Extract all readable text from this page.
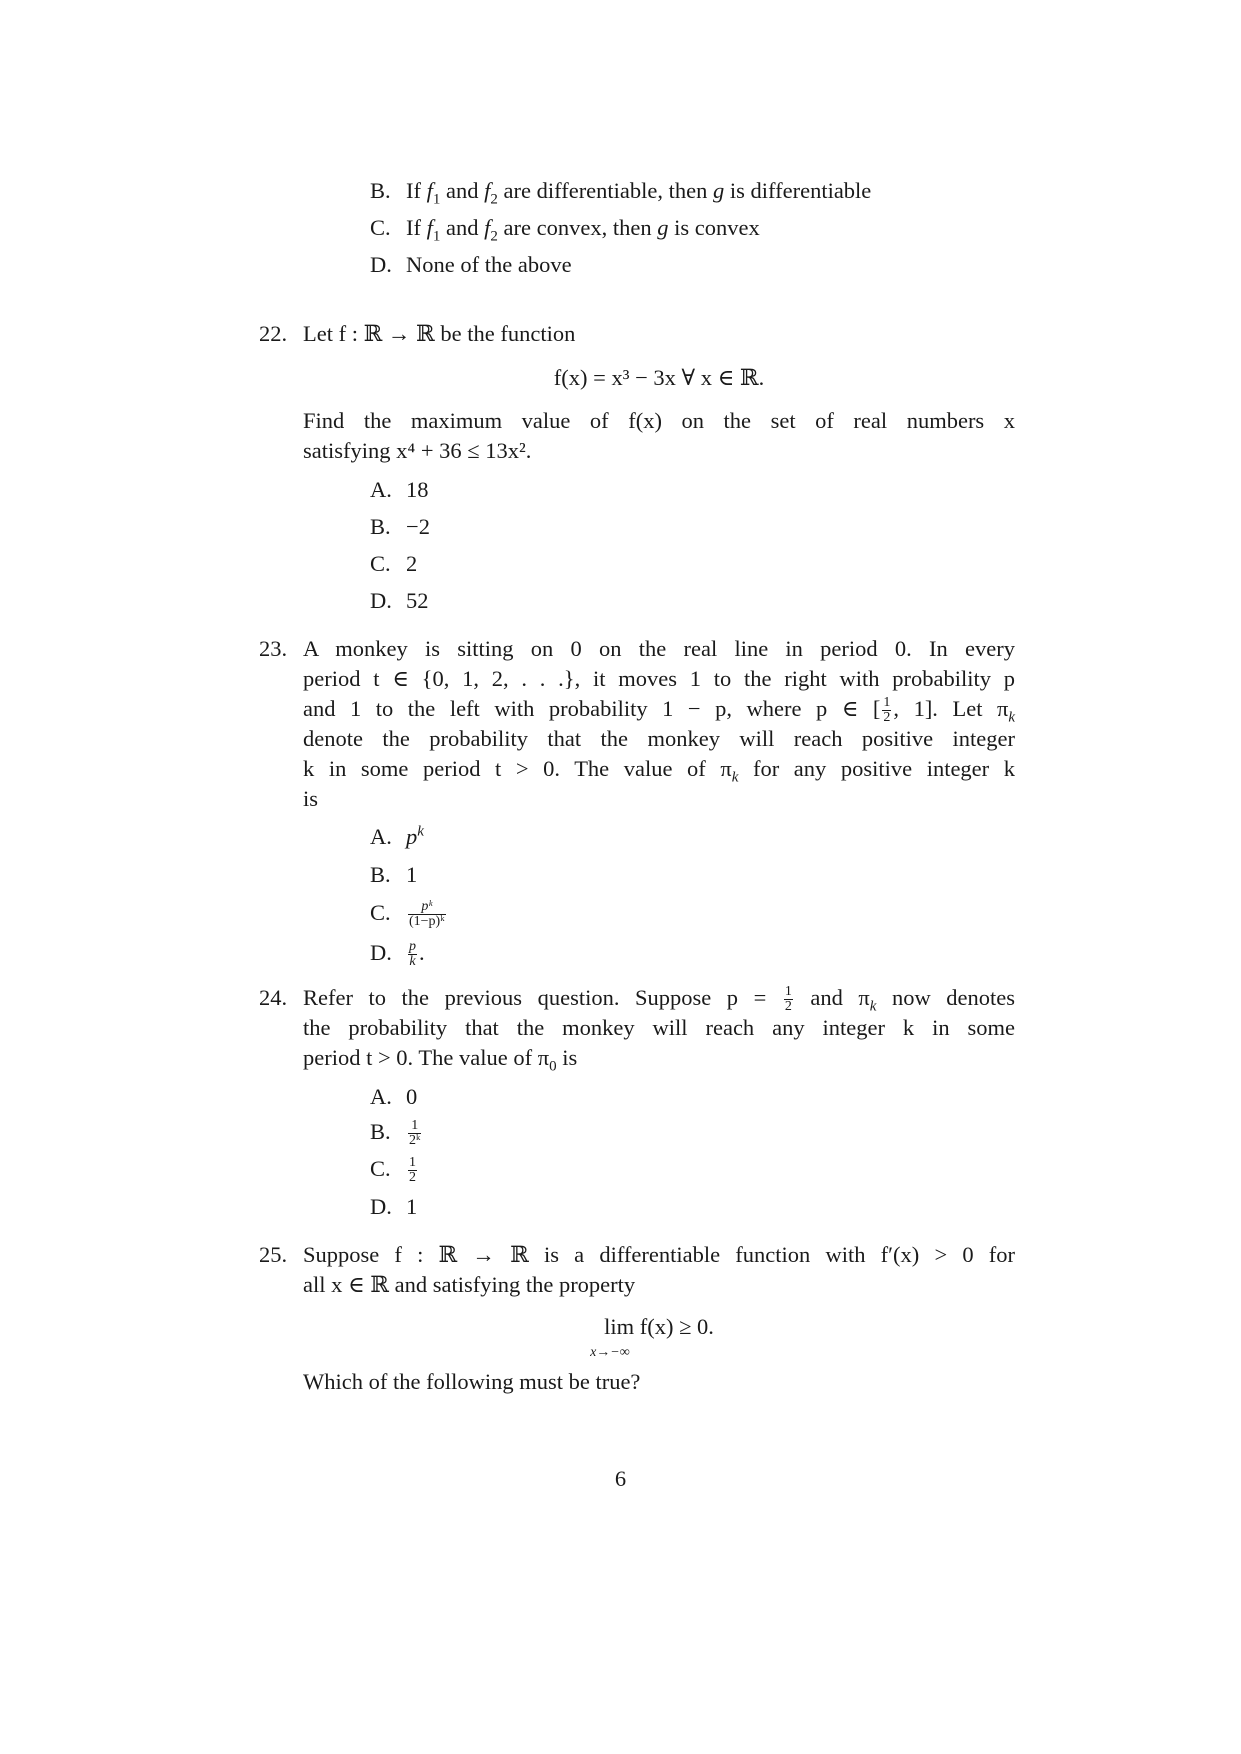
B. If $f_1$ and $f_2$ are differentiable, then g is differentiable
C. If $f_1$ and $f_2$ are convex, then g is convex
D. None of the above
22. Let f : ℝ → ℝ be the function
f(x) = x³ − 3x ∀ x ∈ ℝ.
Find the maximum value of f(x) on the set of real numbers x
satisfying x⁴ + 36 ≤ 13x².
A. 18
B. −2
C. 2
D. 52
23. A monkey is sitting on 0 on the real line in period 0. In every
period t ∈ {0, 1, 2, . . .}, it moves 1 to the right with probability p
and 1 to the left with probability 1 − p, where p ∈ [ $\frac{1}{2}$ , 1]. Let $\pi_k$
denote the probability that the monkey will reach positive integer
k in some period t > 0. The value of $\pi_k$ for any positive integer k
is
A. $p^k$
B. 1
C. $\frac{\text{pᵏ}}{\text{(1−p)ᵏ}}$
D. $\frac{p}{k}$ .
24. Refer to the previous question. Suppose $p = \frac{1}{2}$ and $\pi_k$ now denotes
the probability that the monkey will reach any integer k in some
period t > 0. The value of $\pi_0$ is
A. 0
B. $\frac{1}{\text{2ᵏ}}$
C. $\frac{1}{2}$
D. 1
25. Suppose f : ℝ → ℝ is a differentiable function with f′(x) > 0 for
all x ∈ ℝ and satisfying the property
lim
x→−∞
f(x) ≥ 0.
Which of the following must be true?
6
